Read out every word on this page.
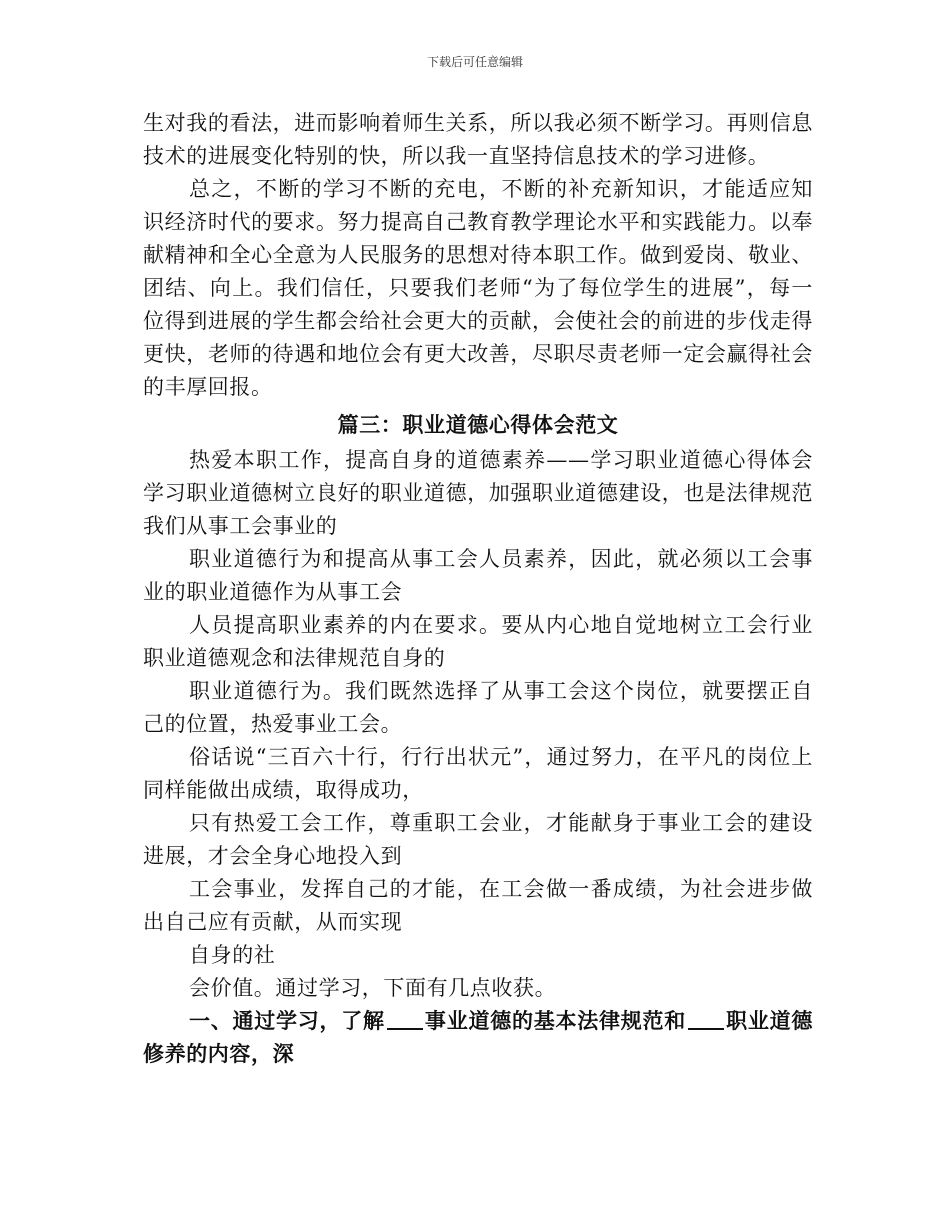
下载后可任意编辑

生对我的看法，进而影响着师生关系，所以我必须不断学习。再则信息技术的进展变化特别的快，所以我一直坚持信息技术的学习进修。

总之，不断的学习不断的充电，不断的补充新知识，才能适应知识经济时代的要求。努力提高自己教育教学理论水平和实践能力。以奉献精神和全心全意为人民服务的思想对待本职工作。做到爱岗、敬业、团结、向上。我们信任，只要我们老师“为了每位学生的进展”，每一位得到进展的学生都会给社会更大的贡献，会使社会的前进的步伐走得更快，老师的待遇和地位会有更大改善，尽职尽责老师一定会赢得社会的丰厚回报。

篇三：职业道德心得体会范文

热爱本职工作，提高自身的道德素养——学习职业道德心得体会学习职业道德树立良好的职业道德，加强职业道德建设，也是法律规范我们从事工会事业的

职业道德行为和提高从事工会人员素养，因此，就必须以工会事业的职业道德作为从事工会

人员提高职业素养的内在要求。要从内心地自觉地树立工会行业职业道德观念和法律规范自身的

职业道德行为。我们既然选择了从事工会这个岗位，就要摆正自己的位置，热爱事业工会。

俗话说“三百六十行，行行出状元”，通过努力，在平凡的岗位上同样能做出成绩，取得成功，

只有热爱工会工作，尊重职工会业，才能献身于事业工会的建设进展，才会全身心地投入到

工会事业，发挥自己的才能，在工会做一番成绩，为社会进步做出自己应有贡献，从而实现

自身的社

会价值。通过学习，下面有几点收获。

一、通过学习，了解 事业道德的基本法律规范和 职业道德修养的内容，深
